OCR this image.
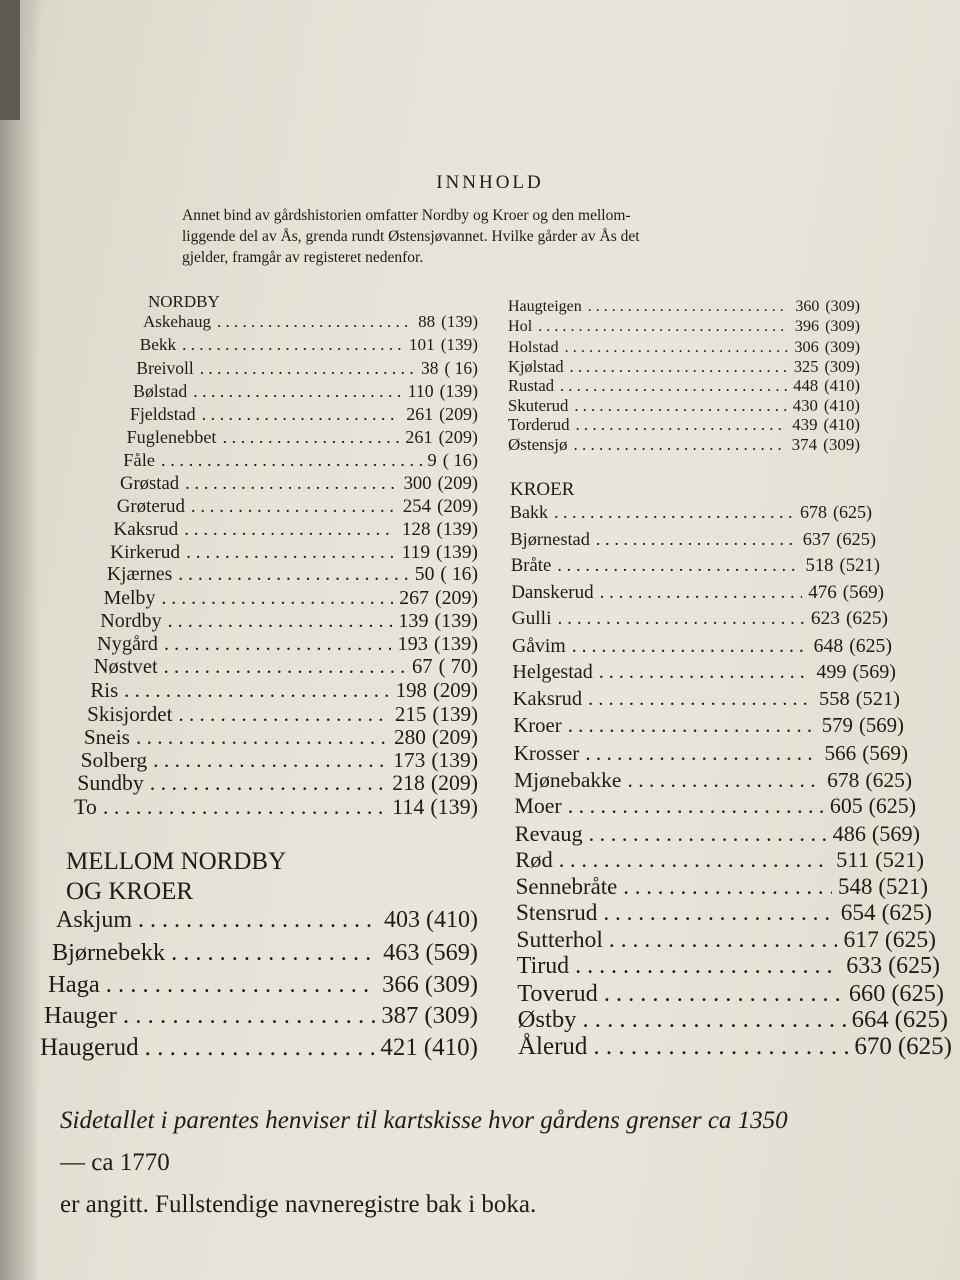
INNHOLD
Annet bind av gårdshistorien omfatter Nordby og Kroer og den mellom-
liggende del av Ås, grenda rundt Østensjøvannet. Hvilke gårder av Ås det
gjelder, framgår av registeret nedenfor.
NORDBY
Askehaug . . .	88 (139)
Bekk . . .	101 (139)
Breivoll . . .	38 ( 16)
Bølstad . . .	110 (139)
Fjeldstad . . .	261 (209)
Fuglenebbet . . .	261 (209)
Fåle . . .	9 ( 16)
Grøstad . . .	300 (209)
Grøterud . . .	254 (209)
Kaksrud . . .	128 (139)
Kirkerud . . .	119 (139)
Kjærnes . . .	50 ( 16)
Melby . . .	267 (209)
Nordby . . .	139 (139)
Nygård . . .	193 (139)
Nøstvet . . .	67 ( 70)
Ris . . .	198 (209)
Skisjordet . . .	215 (139)
Sneis . . .	280 (209)
Solberg . . .	173 (139)
Sundby . . .	218 (209)
To . . .	114 (139)
MELLOM NORDBY
OG KROER
Askjum . . .	403 (410)
Bjørnebekk . . .	463 (569)
Haga . . .	366 (309)
Hauger . . .	387 (309)
Haugerud . . .	421 (410)
Haugteigen . . .	360 (309)
Hol . . .	396 (309)
Holstad . . .	306 (309)
Kjølstad . . .	325 (309)
Rustad . . .	448 (410)
Skuterud . . .	430 (410)
Torderud . . .	439 (410)
Østensjø . . .	374 (309)
KROER
Bakk . . .	678 (625)
Bjørnestad . . .	637 (625)
Bråte . . .	518 (521)
Danskerud . . .	476 (569)
Gulli . . .	623 (625)
Gåvim . . .	648 (625)
Helgestad . . .	499 (569)
Kaksrud . . .	558 (521)
Kroer . . .	579 (569)
Krosser . . .	566 (569)
Mjønebakke . . .	678 (625)
Moer . . .	605 (625)
Revaug . . .	486 (569)
Rød . . .	511 (521)
Sennebråte . . .	548 (521)
Stensrud . . .	654 (625)
Sutterhol . . .	617 (625)
Tirud . . .	633 (625)
Toverud . . .	660 (625)
Østby . . .	664 (625)
Ålerud . . .	670 (625)
Sidetallet i parentes henviser til kartskisse hvor gårdens grenser ca 1350
— ca 1770
er angitt. Fullstendige navneregistre bak i boka.
